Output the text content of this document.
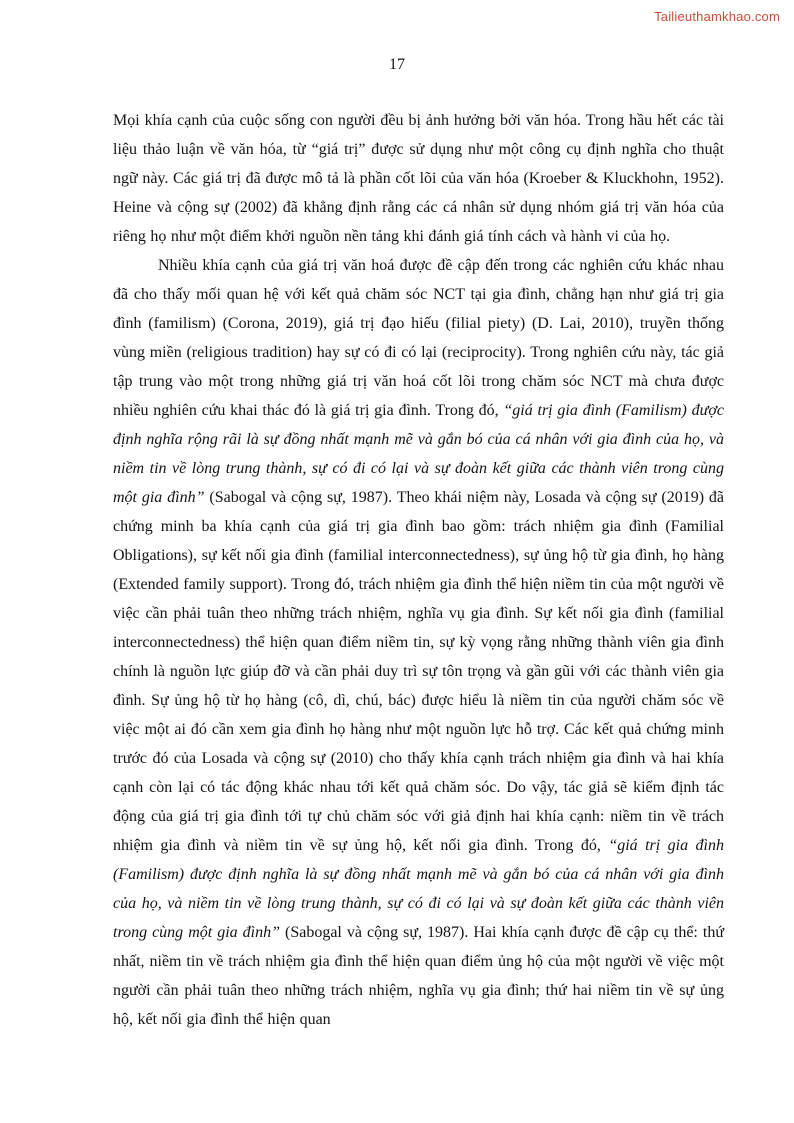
Tailieuthamkhao.com
17

Mọi khía cạnh của cuộc sống con người đều bị ảnh hưởng bởi văn hóa. Trong hầu hết các tài liệu thảo luận về văn hóa, từ “giá trị” được sử dụng như một công cụ định nghĩa cho thuật ngữ này. Các giá trị đã được mô tả là phần cốt lõi của văn hóa (Kroeber & Kluckhohn, 1952). Heine và cộng sự (2002) đã khẳng định rằng các cá nhân sử dụng nhóm giá trị văn hóa của riêng họ như một điểm khởi nguồn nền tảng khi đánh giá tính cách và hành vi của họ.

Nhiều khía cạnh của giá trị văn hoá được đề cập đến trong các nghiên cứu khác nhau đã cho thấy mối quan hệ với kết quả chăm sóc NCT tại gia đình, chẳng hạn như giá trị gia đình (familism) (Corona, 2019), giá trị đạo hiếu (filial piety) (D. Lai, 2010), truyền thống vùng miền (religious tradition) hay sự có đi có lại (reciprocity). Trong nghiên cứu này, tác giả tập trung vào một trong những giá trị văn hoá cốt lõi trong chăm sóc NCT mà chưa được nhiều nghiên cứu khai thác đó là giá trị gia đình. Trong đó, “giá trị gia đình (Familism) được định nghĩa rộng rãi là sự đồng nhất mạnh mẽ và gắn bó của cá nhân với gia đình của họ, và niềm tin về lòng trung thành, sự có đi có lại và sự đoàn kết giữa các thành viên trong cùng một gia đình” (Sabogal và cộng sự, 1987). Theo khái niệm này, Losada và cộng sự (2019) đã chứng minh ba khía cạnh của giá trị gia đình bao gồm: trách nhiệm gia đình (Familial Obligations), sự kết nối gia đình (familial interconnectedness), sự ủng hộ từ gia đình, họ hàng (Extended family support). Trong đó, trách nhiệm gia đình thể hiện niềm tin của một người về việc cần phải tuân theo những trách nhiệm, nghĩa vụ gia đình. Sự kết nối gia đình (familial interconnectedness) thể hiện quan điểm niềm tin, sự kỳ vọng rằng những thành viên gia đình chính là nguồn lực giúp đỡ và cần phải duy trì sự tôn trọng và gần gũi với các thành viên gia đình. Sự ủng hộ từ họ hàng (cô, dì, chú, bác) được hiểu là niềm tin của người chăm sóc về việc một ai đó cần xem gia đình họ hàng như một nguồn lực hỗ trợ. Các kết quả chứng minh trước đó của Losada và cộng sự (2010) cho thấy khía cạnh trách nhiệm gia đình và hai khía cạnh còn lại có tác động khác nhau tới kết quả chăm sóc. Do vậy, tác giả sẽ kiểm định tác động của giá trị gia đình tới tự chủ chăm sóc với giả định hai khía cạnh: niềm tin về trách nhiệm gia đình và niềm tin về sự ủng hộ, kết nối gia đình. Trong đó, “giá trị gia đình (Familism) được định nghĩa là sự đồng nhất mạnh mẽ và gắn bó của cá nhân với gia đình của họ, và niềm tin về lòng trung thành, sự có đi có lại và sự đoàn kết giữa các thành viên trong cùng một gia đình” (Sabogal và cộng sự, 1987). Hai khía cạnh được đề cập cụ thể: thứ nhất, niềm tin về trách nhiệm gia đình thể hiện quan điểm ủng hộ của một người về việc một người cần phải tuân theo những trách nhiệm, nghĩa vụ gia đình; thứ hai niềm tin về sự ủng hộ, kết nối gia đình thể hiện quan
